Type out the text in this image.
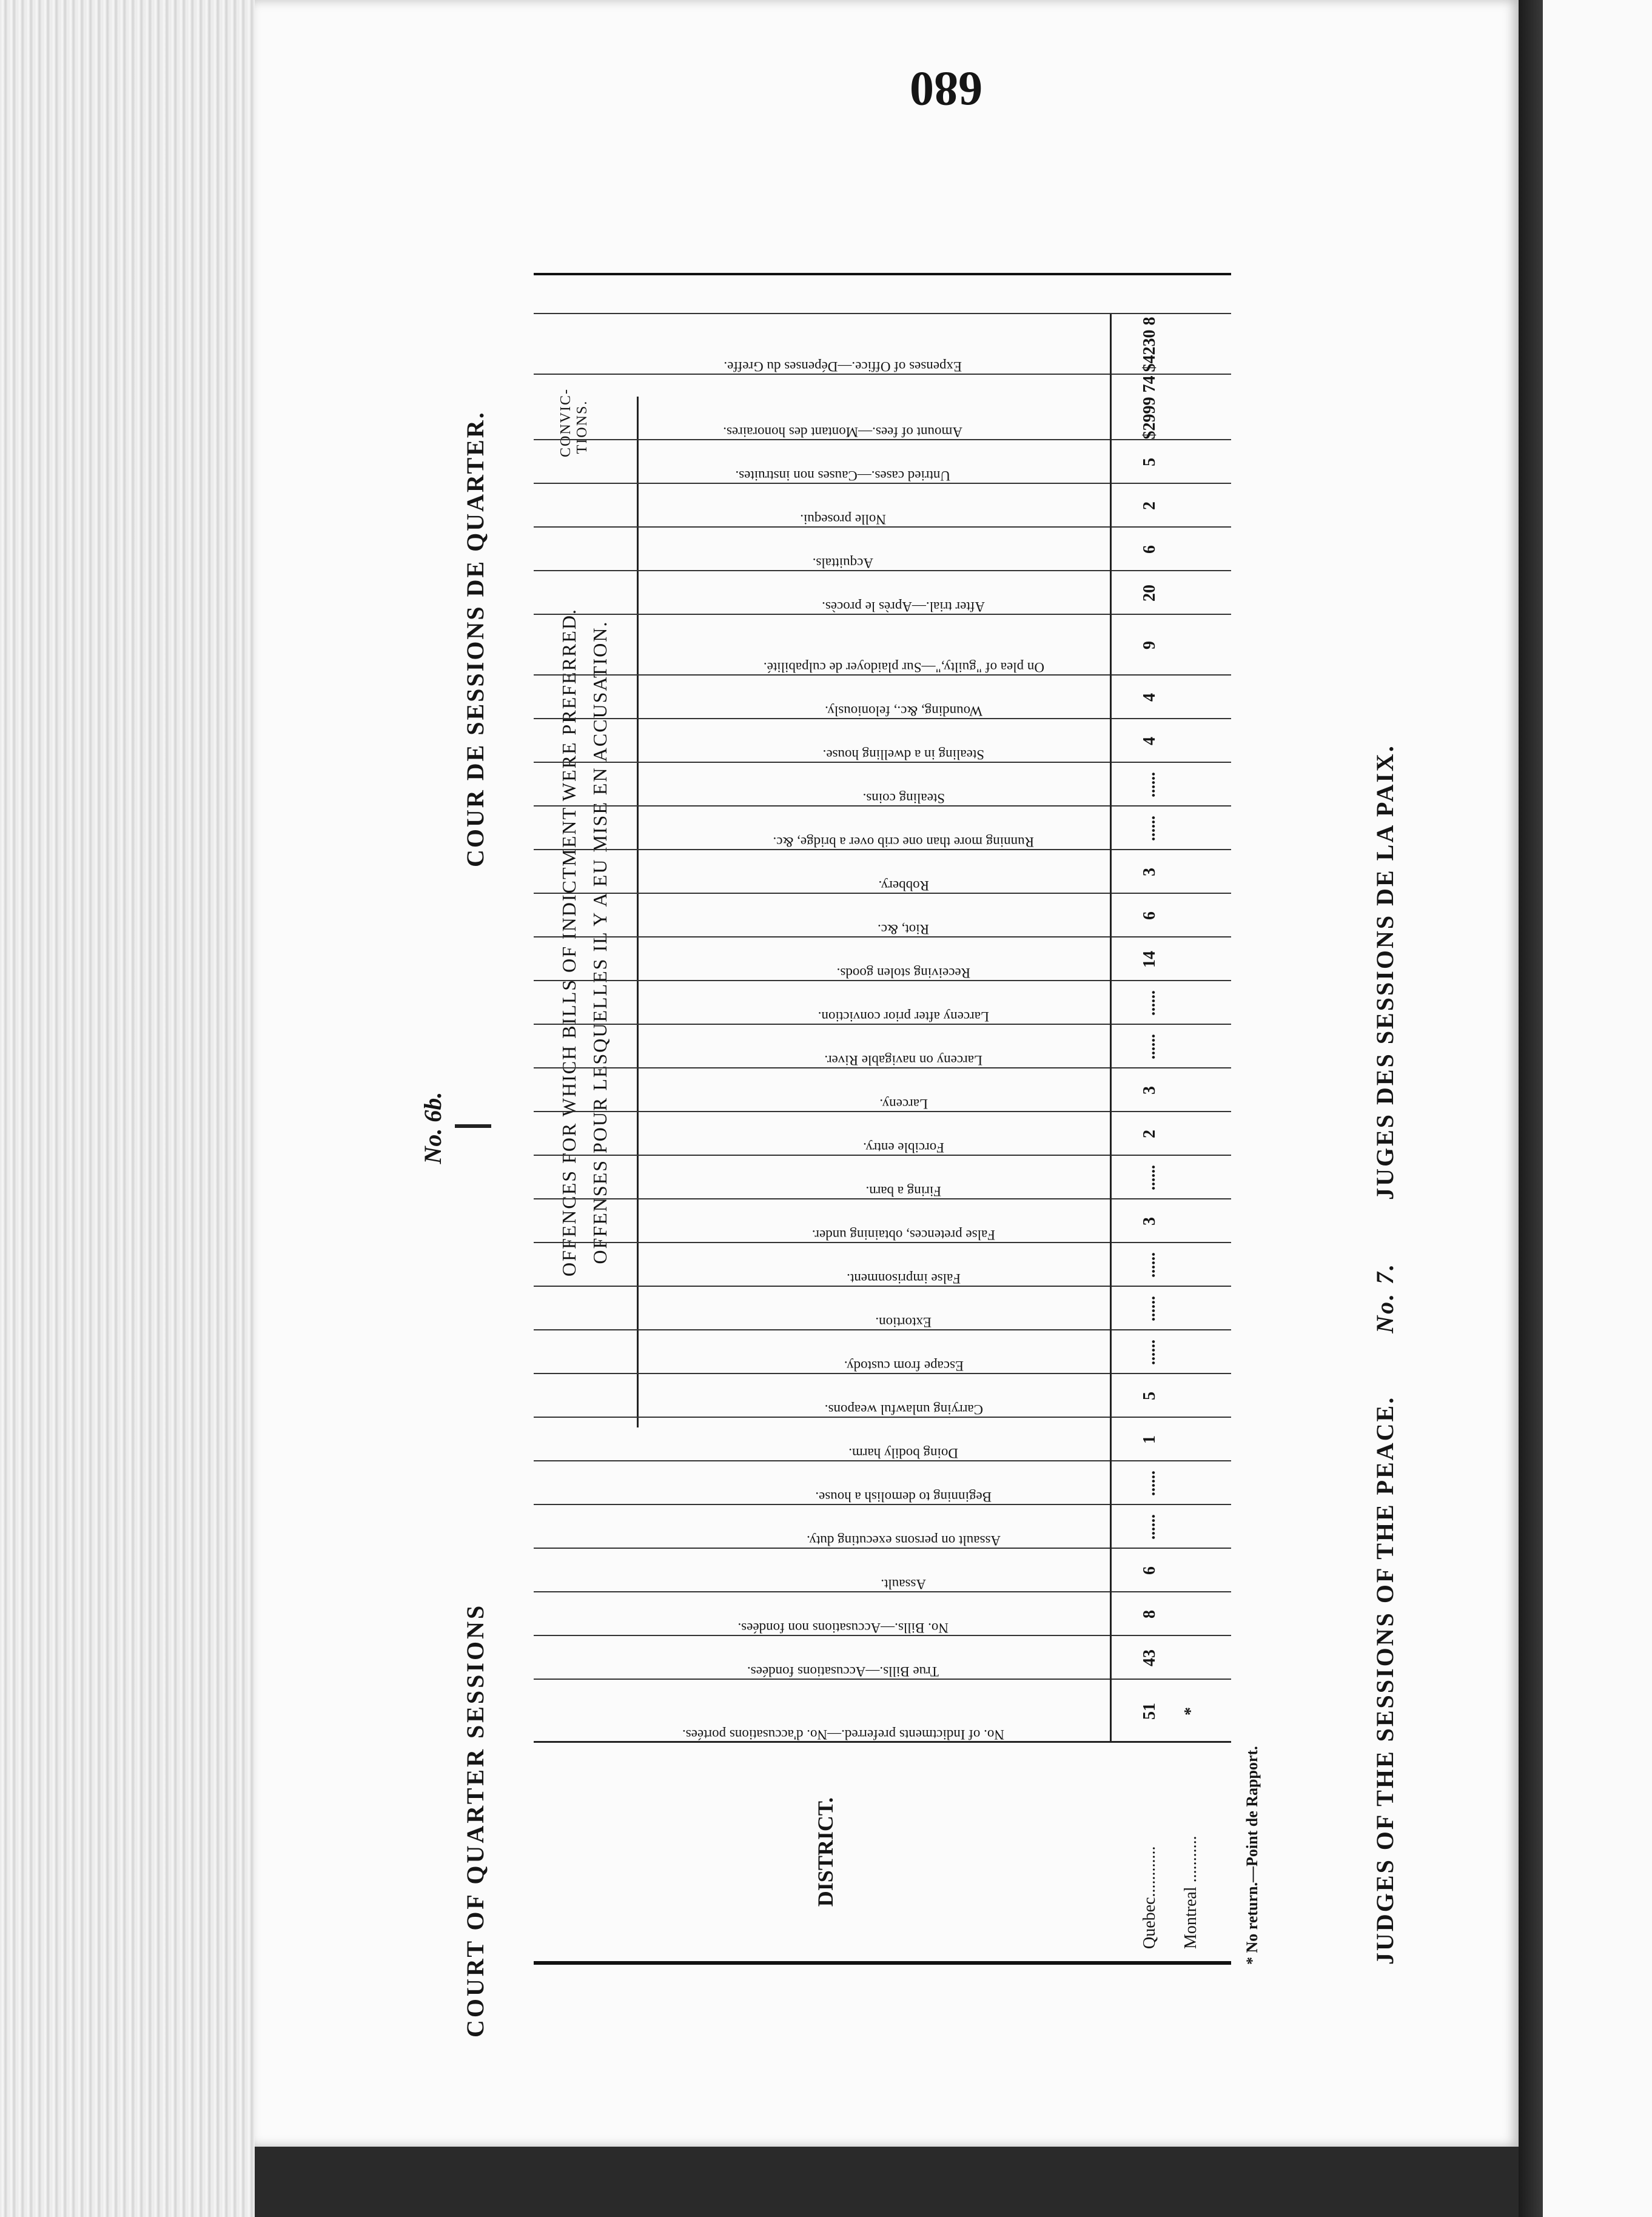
680
No. 6b.
COURT OF QUARTER SESSIONS
COUR DE SESSIONS DE QUARTER.
DISTRICT.	Quebec............ Montreal ...........
OFFENCES FOR WHICH BILLS OF INDICTMENT WERE PREFERRED. OFFENSES POUR LESQUELLES IL Y A EU MISE EN ACCUSATION.
CONVIC- TIONS.
No. of Indictments preferred.—No. d'accusations portées.
51 *
True Bills.—Accusations fondées.
43
No. Bills.—Accusations non fondées.
8
Assault.
6
Assault on persons executing duty.
......
Beginning to demolish a house.
......
Doing bodily harm.
1
Carrying unlawful weapons.
5
Escape from custody.
......
Extortion.
......
False imprisonment.
......
False pretences, obtaining under.
3
Firing a barn.
......
Forcible entry.
2
Larceny.
3
Larceny on navigable River.
......
Larceny after prior conviction.
......
Receiving stolen goods.
14
Riot, &c.
6
Robbery.
3
Running more than one crib over a bridge, &c.
......
Stealing coins.
......
Stealing in a dwelling house.
4
Wounding, &c., feloniously.
4
On plea of "guilty,"—Sur plaidoyer de culpabilité.
9
After trial.—Après le procès.
20
Acquittals.
6
Nolle prosequi.
2
Untried cases.—Causes non instruites.
5
Amount of fees.—Montant des honoraires.	$2999 74
Expenses of Office.—Dépenses du Greffe.	$4230 8
* No return.—Point de Rapport.	JUDGES OF THE SESSIONS OF THE PEACE. No. 7. JUGES DES SESSIONS DE LA PAIX.
